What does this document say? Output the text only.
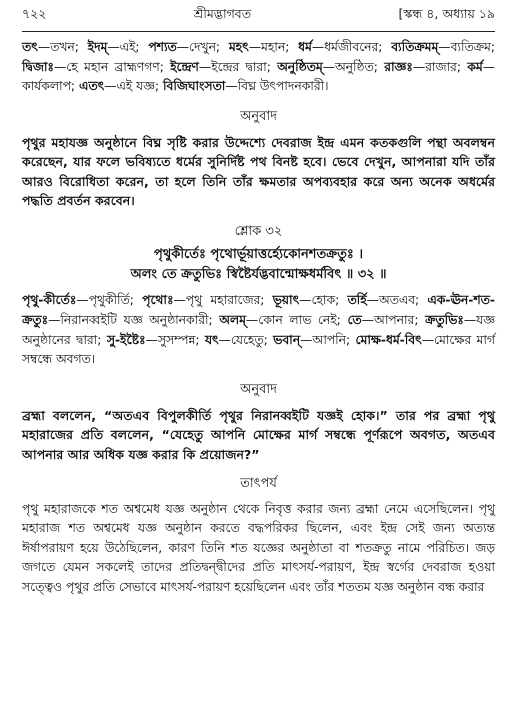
৭২২	শ্রীমদ্ভাগবত	[স্কন্ধ ৪, অধ্যায় ১৯

তৎ—তখন; ইদম্—এই; পশ্যত—দেখুন; মহৎ—মহান; ধর্ম—ধর্মজীবনের; ব্যতিক্রমম্—ব্যতিক্রম; দ্বিজাঃ—হে মহান ব্রাহ্মণগণ; ইন্দ্রেণ—ইন্দ্রের দ্বারা; অনুষ্ঠিতম্—অনুষ্ঠিত; রাজ্ঞঃ—রাজার; কর্ম—কার্যকলাপ; এতৎ—এই যজ্ঞ; বিজিঘাংসতা—বিঘ্ন উৎপাদনকারী।

অনুবাদ

পৃথুর মহাযজ্ঞ অনুষ্ঠানে বিঘ্ন সৃষ্টি করার উদ্দেশ্যে দেবরাজ ইন্দ্র এমন কতকগুলি পন্থা অবলম্বন করেছেন, যার ফলে ভবিষ্যতে ধর্মের সুনির্দিষ্ট পথ বিনষ্ট হবে। ভেবে দেখুন, আপনারা যদি তাঁর আরও বিরোধিতা করেন, তা হলে তিনি তাঁর ক্ষমতার অপব্যবহার করে অন্য অনেক অধর্মের পদ্ধতি প্রবর্তন করবেন।

শ্লোক ৩২

পৃথুকীর্তেঃ পৃথোর্ভূয়াত্তর্হ্যেকোনশতক্রতুঃ ।

অলং তে ক্রতুভিঃ স্বিষ্টৈর্যদ্ভবান্মোক্ষধর্মবিৎ ॥ ৩২ ॥

পৃথু-কীর্তেঃ—পৃথুকীর্তি; পৃথোঃ—পৃথু মহারাজের; ভূয়াৎ—হোক; তর্হি—অতএব; এক-ঊন-শত-ক্রতুঃ—নিরানব্বইটি যজ্ঞ অনুষ্ঠানকারী; অলম্—কোন লাভ নেই; তে—আপনার; ক্রতুভিঃ—যজ্ঞ অনুষ্ঠানের দ্বারা; সু-ইষ্টৈঃ—সুসম্পন্ন; যৎ—যেহেতু; ভবান্—আপনি; মোক্ষ-ধর্ম-বিৎ—মোক্ষের মার্গ সম্বন্ধে অবগত।

অনুবাদ

ব্রহ্মা বললেন, “অতএব বিপুলকীর্তি পৃথুর নিরানব্বইটি যজ্ঞই হোক।” তার পর ব্রহ্মা পৃথু মহারাজের প্রতি বললেন, “যেহেতু আপনি মোক্ষের মার্গ সম্বন্ধে পূর্ণরূপে অবগত, অতএব আপনার আর অধিক যজ্ঞ করার কি প্রয়োজন?”

তাৎপর্য

পৃথু মহারাজকে শত অশ্বমেধ যজ্ঞ অনুষ্ঠান থেকে নিবৃত্ত করার জন্য ব্রহ্মা নেমে এসেছিলেন। পৃথু মহারাজ শত অশ্বমেধ যজ্ঞ অনুষ্ঠান করতে বদ্ধপরিকর ছিলেন, এবং ইন্দ্র সেই জন্য অত্যন্ত ঈর্ষাপরায়ণ হয়ে উঠেছিলেন, কারণ তিনি শত যজ্ঞের অনুষ্ঠাতা বা শতক্রতু নামে পরিচিত। জড় জগতে যেমন সকলেই তাদের প্রতিদ্বন্দ্বীদের প্রতি মাৎসর্য-পরায়ণ, ইন্দ্র স্বর্গের দেবরাজ হওয়া সত্ত্বেও পৃথুর প্রতি সেভাবে মাৎসর্য-পরায়ণ হয়েছিলেন এবং তাঁর শততম যজ্ঞ অনুষ্ঠান বন্ধ করার
